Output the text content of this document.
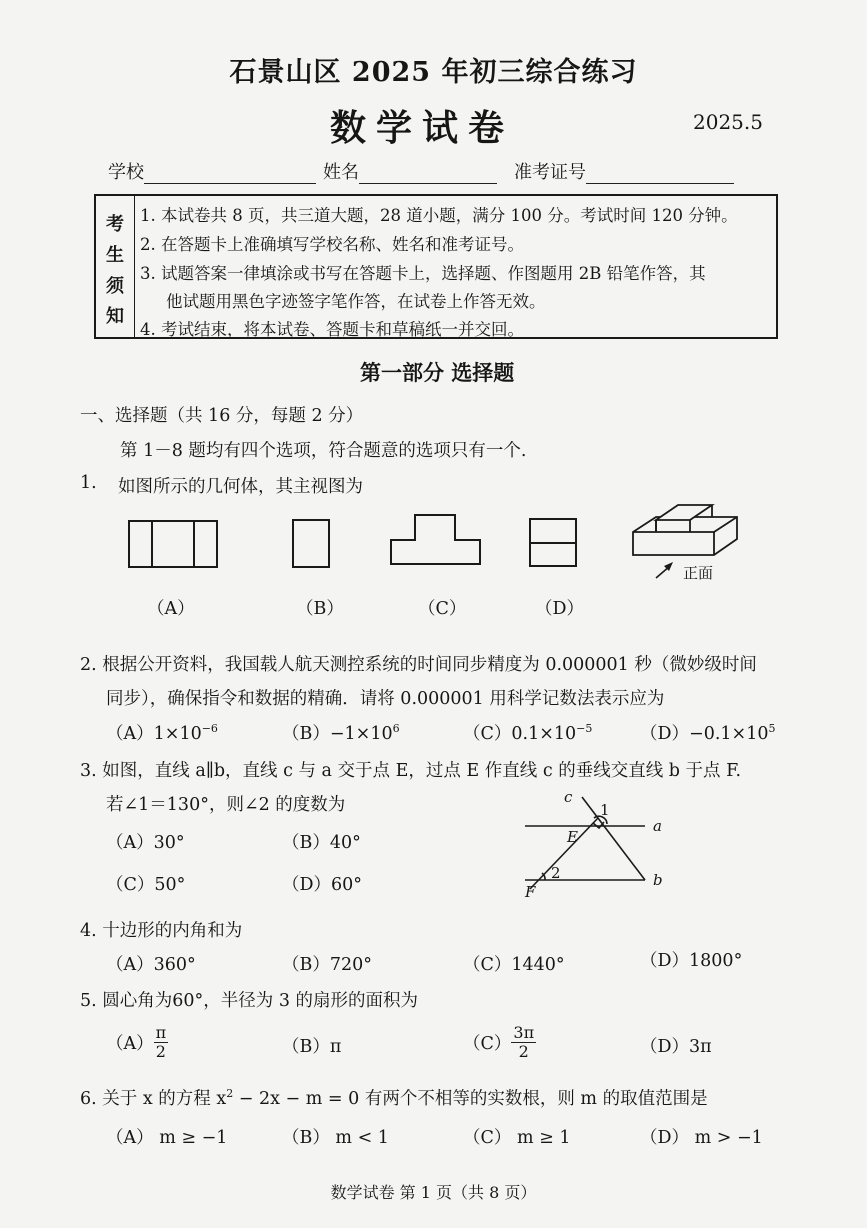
石景山区 2025 年初三综合练习
数学试卷	2025.5
学校	姓名	准考证号
考
生
须
知
1. 本试卷共 8 页，共三道大题，28 道小题，满分 100 分。考试时间 120 分钟。
2. 在答题卡上准确填写学校名称、姓名和准考证号。
3. 试题答案一律填涂或书写在答题卡上，选择题、作图题用 2B 铅笔作答，其
他试题用黑色字迹签字笔作答，在试卷上作答无效。
4. 考试结束，将本试卷、答题卡和草稿纸一并交回。
第一部分 选择题
一、选择题（共 16 分，每题 2 分）
第 1－8 题均有四个选项，符合题意的选项只有一个.
1. 如图所示的几何体，其主视图为
正面
（A）	（B）	（C）	（D）
2. 根据公开资料，我国载人航天测控系统的时间同步精度为 0.000001 秒（微妙级时间
同步），确保指令和数据的精确．请将 0.000001 用科学记数法表示应为
$(A)1\times 10^{-6}$	$(B)-1\times 10^6$	$(C)0.1\times 10^{-5}$	$(D)-0.1\times 10^5$
3. 如图，直线 a∥b，直线 c 与 a 交于点 E，过点 E 作直线 c 的垂线交直线 b 于点 F.
若∠1＝130°，则∠2 的度数为
（A）30°	（B）40°
（C）50°	（D）60°
c
1
a
E
2	b
F
4. 十边形的内角和为
（A）360°	（B）720°	（C）1440°	（D）1800°
5. 圆心角为60°，半径为 3 的扇形的面积为
$(A) \frac{\pi}{2}$	（B）π	$(C) \frac{3\pi}{2}$	（D）3π
6. 关于 x 的方程 $x^2 - 2x - m = 0$ 有两个不相等的实数根，则 m 的取值范围是
（A） m ≥ −1	（B） m < 1	（C） m ≥ 1	（D） m > −1
数学试卷 第 1 页（共 8 页）
